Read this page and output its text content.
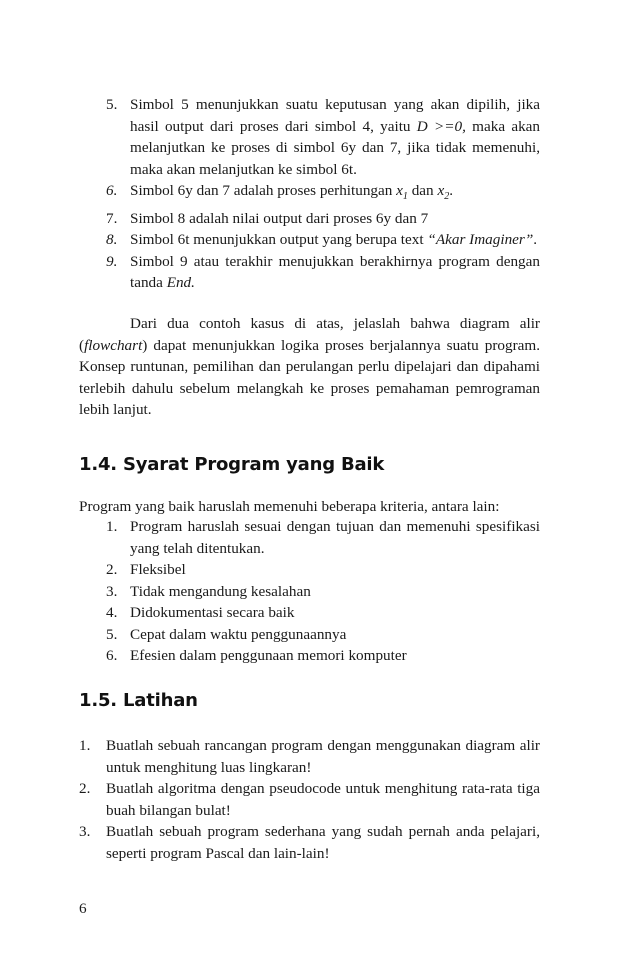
5. Simbol 5 menunjukkan suatu keputusan yang akan dipilih, jika hasil output dari proses dari simbol 4, yaitu D >=0, maka akan melanjutkan ke proses di simbol 6y dan 7, jika tidak memenuhi, maka akan melanjutkan ke simbol 6t.
6. Simbol 6y dan 7 adalah proses perhitungan $x_1$ dan $x_2$.
7. Simbol 8 adalah nilai output dari proses 6y dan 7
8. Simbol 6t menunjukkan output yang berupa text “Akar Imaginer”.
9. Simbol 9 atau terakhir menujukkan berakhirnya program dengan tanda End.
Dari dua contoh kasus di atas, jelaslah bahwa diagram alir (flowchart) dapat menunjukkan logika proses berjalannya suatu program. Konsep runtunan, pemilihan dan perulangan perlu dipelajari dan dipahami terlebih dahulu sebelum melangkah ke proses pemahaman pemrograman lebih lanjut.
1.4. Syarat Program yang Baik
Program yang baik haruslah memenuhi beberapa kriteria, antara lain:
1. Program haruslah sesuai dengan tujuan dan memenuhi spesifikasi yang telah ditentukan.
2. Fleksibel
3. Tidak mengandung kesalahan
4. Didokumentasi secara baik
5. Cepat dalam waktu penggunaannya
6. Efesien dalam penggunaan memori komputer
1.5. Latihan
1. Buatlah sebuah rancangan program dengan menggunakan diagram alir untuk menghitung luas lingkaran!
2. Buatlah algoritma dengan pseudocode untuk menghitung rata-rata tiga buah bilangan bulat!
3. Buatlah sebuah program sederhana yang sudah pernah anda pelajari, seperti program Pascal dan lain-lain!
6
